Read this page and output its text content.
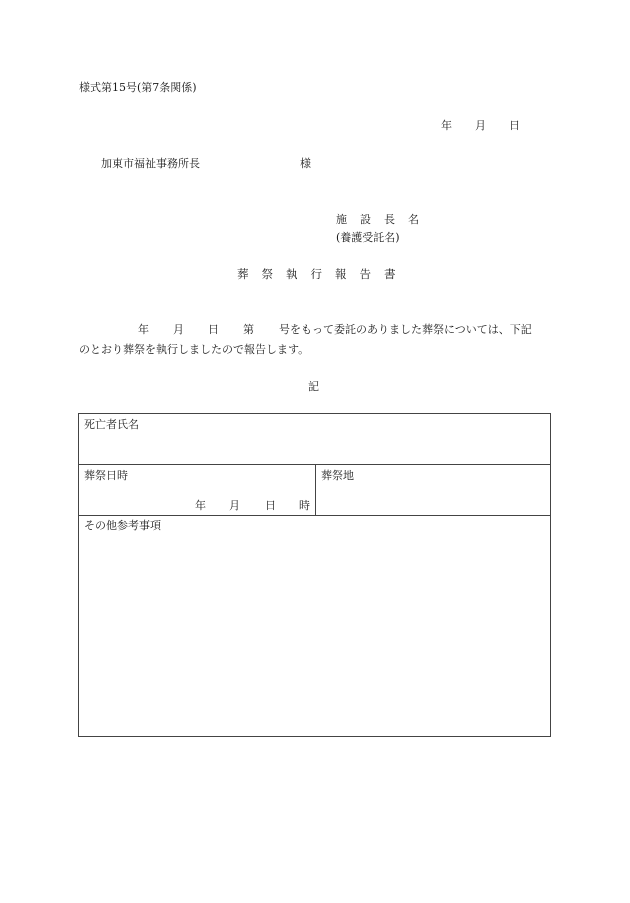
様式第15号(第7条関係)
年 月 日
加東市福祉事務所長	様
施 設 長 名
(養護受託名)
葬 祭 執 行 報 告 書
年 月 日 第 号をもって委託のありました葬祭については、下記
のとおり葬祭を執行しましたので報告します。
記
死亡者氏名
葬祭日時	葬祭地
年 月 日 時
その他参考事項
